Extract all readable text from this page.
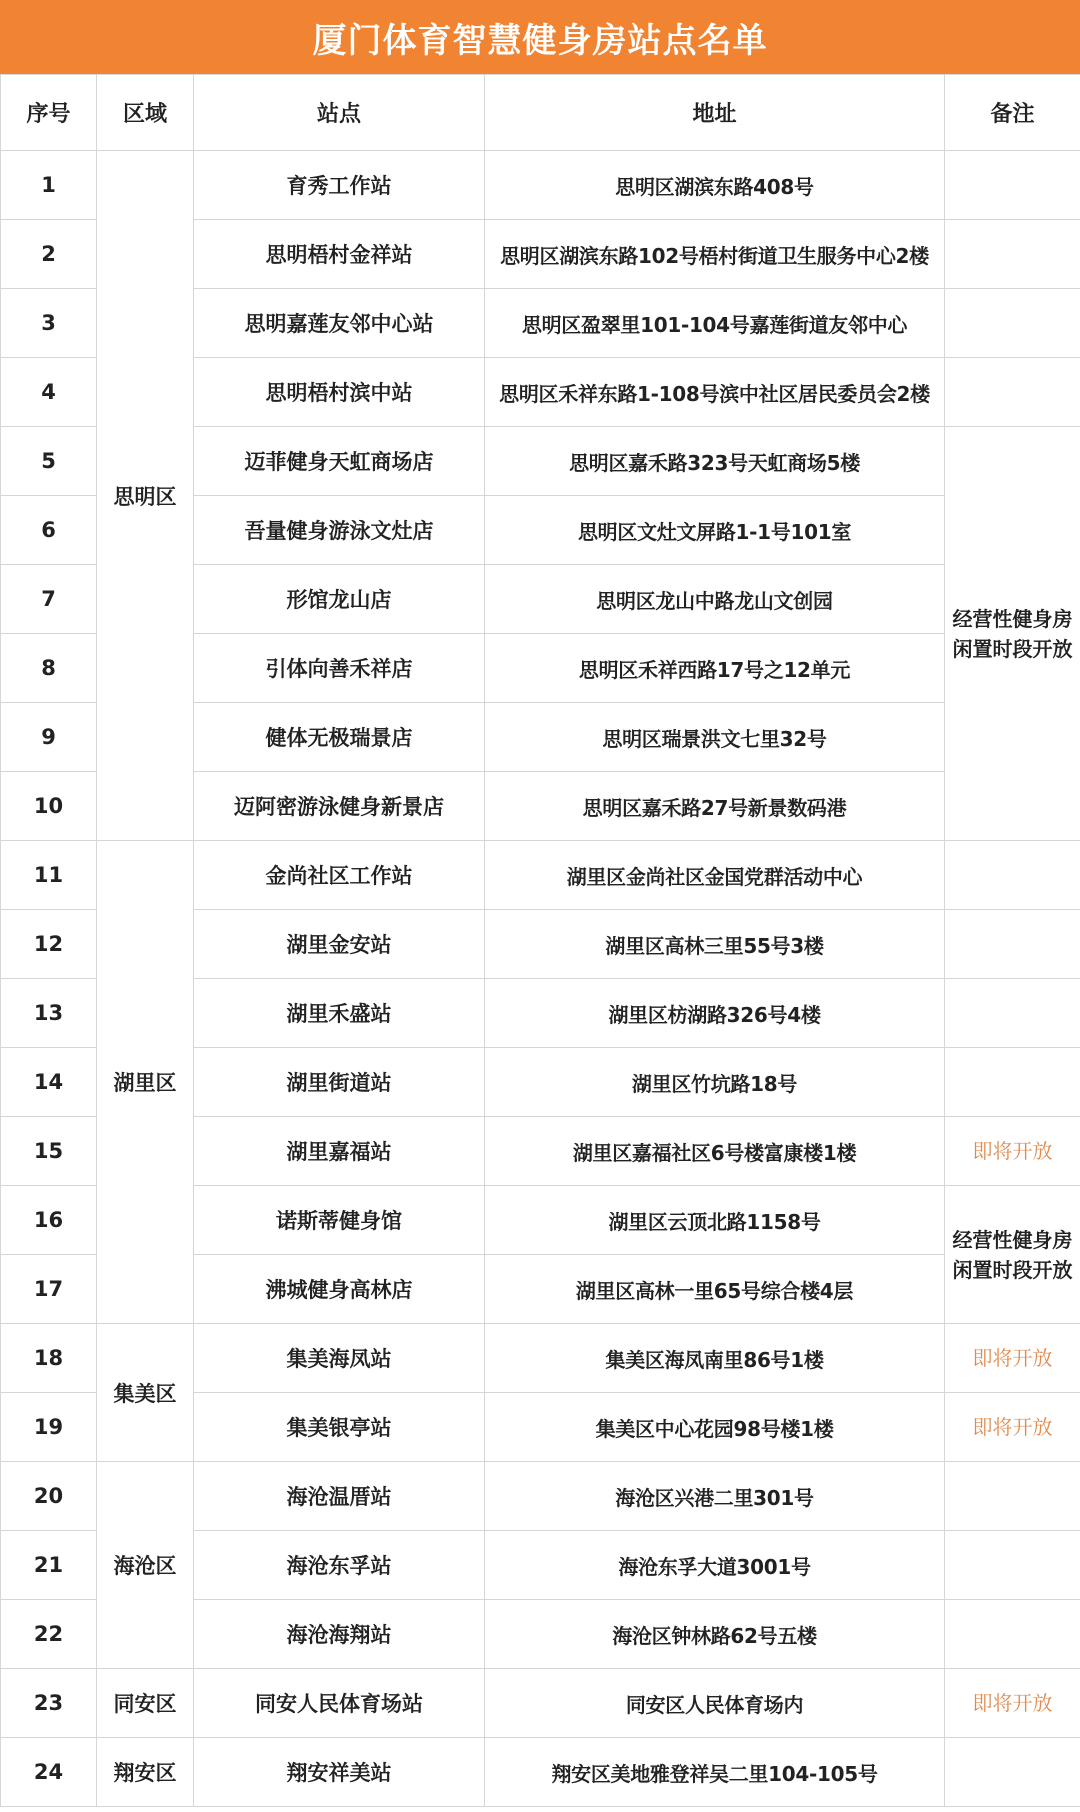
厦门体育智慧健身房站点名单
序号	区域	站点	地址	备注
1	思明区	育秀工作站	思明区湖滨东路408号	
2		思明梧村金祥站	思明区湖滨东路102号梧村街道卫生服务中心2楼	
3		思明嘉莲友邻中心站	思明区盈翠里101-104号嘉莲街道友邻中心	
4		思明梧村滨中站	思明区禾祥东路1-108号滨中社区居民委员会2楼	
5		迈菲健身天虹商场店	思明区嘉禾路323号天虹商场5楼	经营性健身房闲置时段开放
6		吾量健身游泳文灶店	思明区文灶文屏路1-1号101室	
7		形馆龙山店	思明区龙山中路龙山文创园	
8		引体向善禾祥店	思明区禾祥西路17号之12单元	
9		健体无极瑞景店	思明区瑞景洪文七里32号	
10		迈阿密游泳健身新景店	思明区嘉禾路27号新景数码港	
11	湖里区	金尚社区工作站	湖里区金尚社区金国党群活动中心	
12		湖里金安站	湖里区高林三里55号3楼	
13		湖里禾盛站	湖里区枋湖路326号4楼	
14		湖里街道站	湖里区竹坑路18号	
15		湖里嘉福站	湖里区嘉福社区6号楼富康楼1楼	即将开放
16		诺斯蒂健身馆	湖里区云顶北路1158号	经营性健身房闲置时段开放
17		沸城健身高林店	湖里区高林一里65号综合楼4层	
18	集美区	集美海凤站	集美区海凤南里86号1楼	即将开放
19		集美银亭站	集美区中心花园98号楼1楼	即将开放
20	海沧区	海沧温厝站	海沧区兴港二里301号	
21		海沧东孚站	海沧东孚大道3001号	
22		海沧海翔站	海沧区钟林路62号五楼	
23	同安区	同安人民体育场站	同安区人民体育场内	即将开放
24	翔安区	翔安祥美站	翔安区美地雅登祥吴二里104-105号	
